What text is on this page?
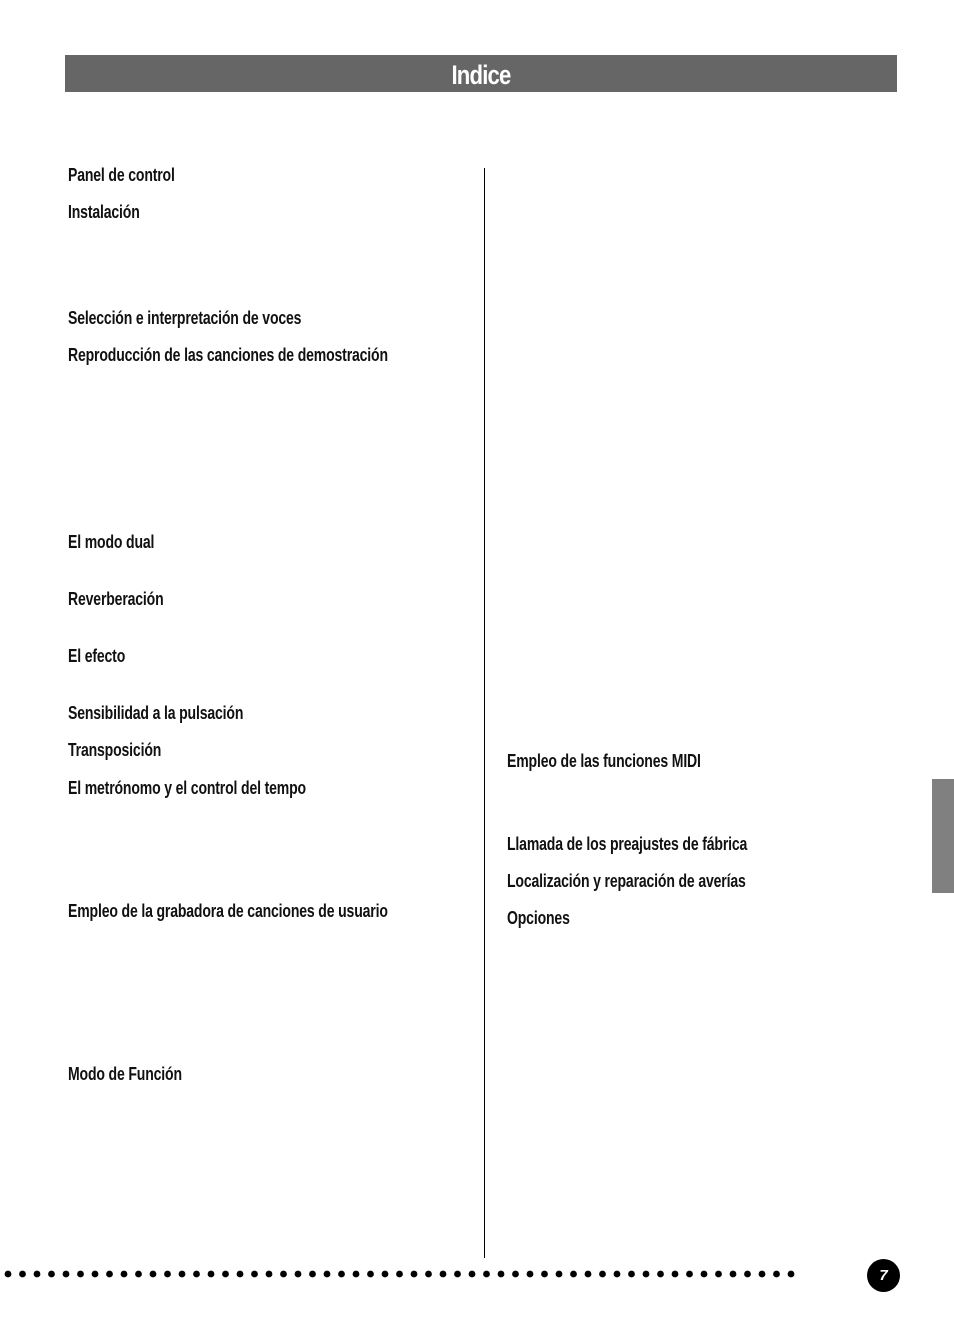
Indice
Panel de control
Instalación
Selección e interpretación de voces
Reproducción de las canciones de demostración
El modo dual
Reverberación
El efecto
Sensibilidad a la pulsación
Transposición
El metrónomo y el control del tempo
Empleo de la grabadora de canciones de usuario
Modo de Función
Empleo de las funciones MIDI
Llamada de los preajustes de fábrica
Localización y reparación de averías
Opciones
7
